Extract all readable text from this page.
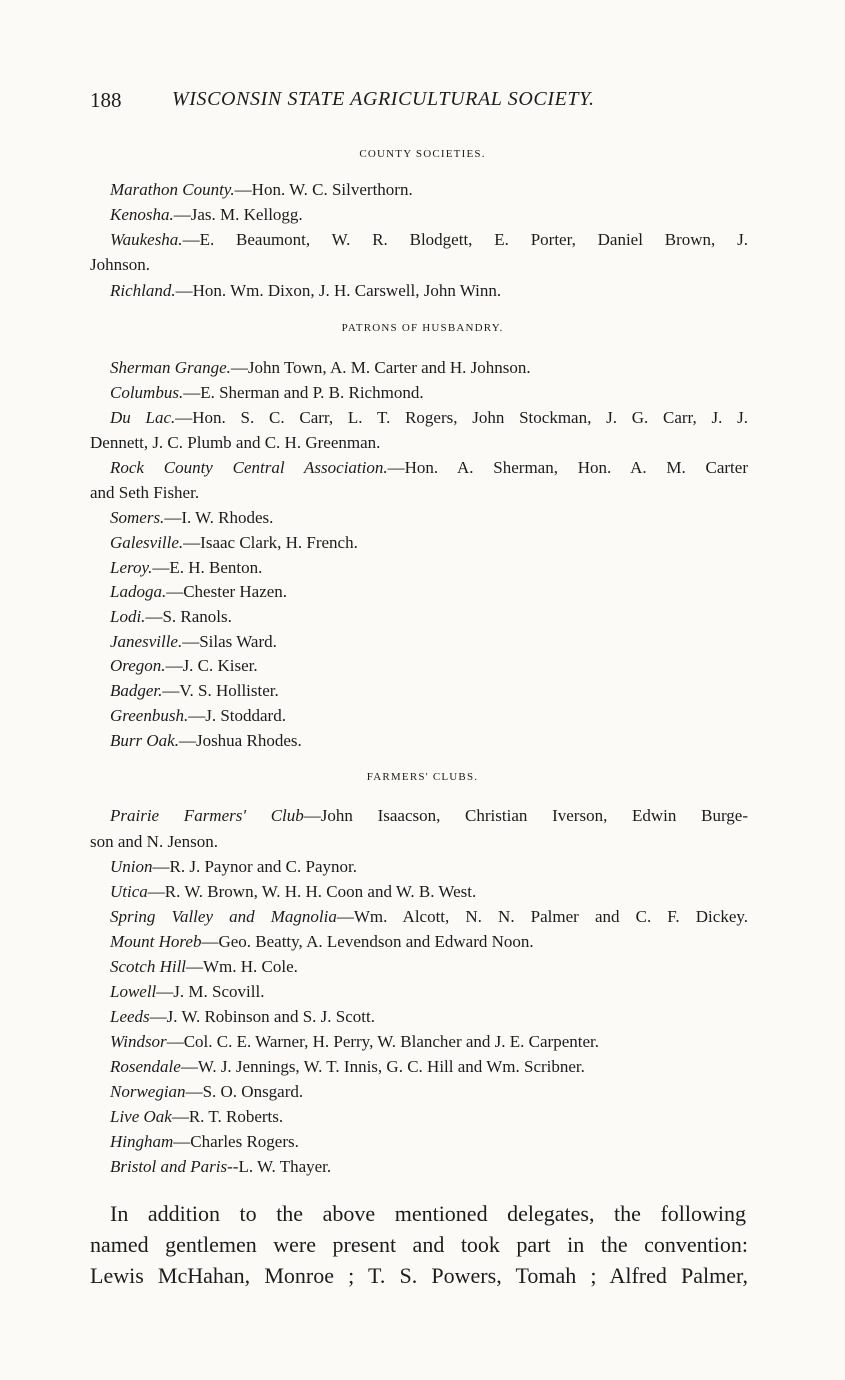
188	WISCONSIN STATE AGRICULTURAL SOCIETY.
COUNTY SOCIETIES.
Marathon County.—Hon. W. C. Silverthorn.
Kenosha.—Jas. M. Kellogg.
Waukesha.—E. Beaumont, W. R. Blodgett, E. Porter, Daniel Brown, J.
Johnson.
Richland.—Hon. Wm. Dixon, J. H. Carswell, John Winn.
PATRONS OF HUSBANDRY.
Sherman Grange.—John Town, A. M. Carter and H. Johnson.
Columbus.—E. Sherman and P. B. Richmond.
Du Lac.—Hon. S. C. Carr, L. T. Rogers, John Stockman, J. G. Carr, J. J.
Dennett, J. C. Plumb and C. H. Greenman.
Rock County Central Association.—Hon. A. Sherman, Hon. A. M. Carter
and Seth Fisher.
Somers.—I. W. Rhodes.
Galesville.—Isaac Clark, H. French.
Leroy.—E. H. Benton.
Ladoga.—Chester Hazen.
Lodi.—S. Ranols.
Janesville.—Silas Ward.
Oregon.—J. C. Kiser.
Badger.—V. S. Hollister.
Greenbush.—J. Stoddard.
Burr Oak.—Joshua Rhodes.
FARMERS' CLUBS.
Prairie Farmers' Club—John Isaacson, Christian Iverson, Edwin Burge-
son and N. Jenson.
Union—R. J. Paynor and C. Paynor.
Utica—R. W. Brown, W. H. H. Coon and W. B. West.
Spring Valley and Magnolia—Wm. Alcott, N. N. Palmer and C. F. Dickey.
Mount Horeb—Geo. Beatty, A. Levendson and Edward Noon.
Scotch Hill—Wm. H. Cole.
Lowell—J. M. Scovill.
Leeds—J. W. Robinson and S. J. Scott.
Windsor—Col. C. E. Warner, H. Perry, W. Blancher and J. E. Carpenter.
Rosendale—W. J. Jennings, W. T. Innis, G. C. Hill and Wm. Scribner.
Norwegian—S. O. Onsgard.
Live Oak—R. T. Roberts.
Hingham—Charles Rogers.
Bristol and Paris--L. W. Thayer.
In addition to the above mentioned delegates, the following
named gentlemen were present and took part in the convention:
Lewis McHahan, Monroe ; T. S. Powers, Tomah ; Alfred Palmer,
